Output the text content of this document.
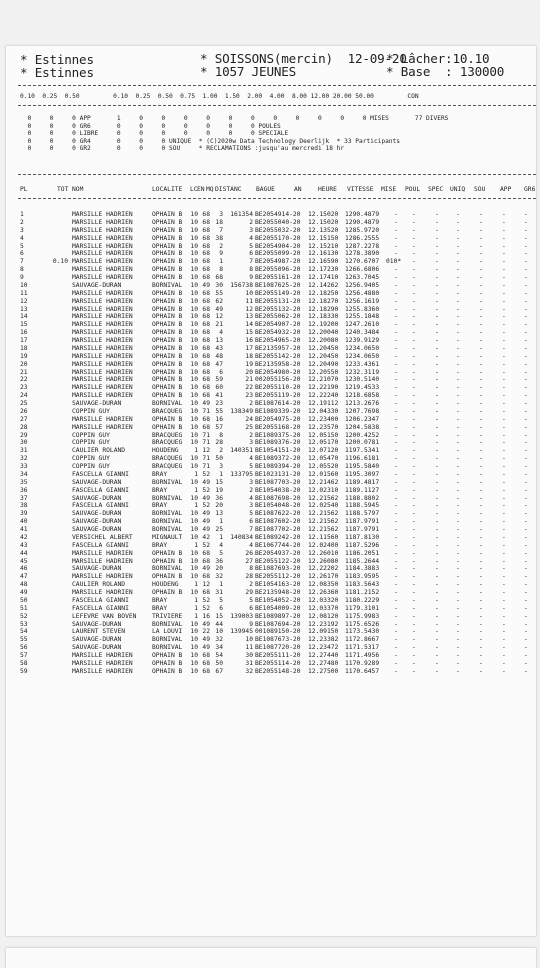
* Estinnes	* SOISSONS(mercin)  12-09-20
* Lâcher:10.10
* Estinnes	* 1057 JEUNES	* Base  : 130000
0.10  0.25  0.50         0.10  0.25  0.50  0.75  1.00  1.50  2.00  4.00  8.00 12.00 20.00 50.00         CON
0     0     0 APP       1     0     0     0     0     0     0     0     0     0     0     0 MISES       77 DIVERS
0     0     0 GR6       0     0     0     0     0     0     0 POULES
0     0     0 LIBRE     0     0     0     0     0     0     0 SPECIALE
0     0     0 GR4       0     0     0 UNIQUE  * (C)2020w Data Technology Deerlijk  * 33 Participants
0     0     0 GR2       0     0     0 SOU     * RECLAMATIONS :jusqu'au mercredi 18 hr
PL	TOT NOM	LOCALITE LC EN MQ DISTANC BAGUE	AN	HEURE VITESSE MISE POUL SPEC UNIQ SOU APP GR6
1	MARSILLE HADRIEN	OPHAIN B	10 68	3	161354 BE2054914-20	12.15020	1290.4879 - -	-	-	-	-	-
2	MARSILLE HADRIEN	OPHAIN B	10 68 18	2 BE2055040-20	12.15020	1290.4879 - -	-	-	-	-	-
3	MARSILLE HADRIEN	OPHAIN B	10 68	7	3 BE2055032-20	12.13520	1285.9720 - -	-	-	-	-	-
4	MARSILLE HADRIEN	OPHAIN B	10 68 38	4 BE2055170-20	12.15150	1286.2555 - -	-	-	-	-	-
5	MARSILLE HADRIEN	OPHAIN B	10 68	2	5 BE2054904-20	12.15210	1287.2278 - -	-	-	-	-	-
6	MARSILLE HADRIEN	OPHAIN B	10 68	9	6 BE2055099-20	12.16130	1278.3890 - -	-	-	-	-	-
7	0.10 MARSILLE HADRIEN	OPHAIN B	10 68	1	7 BE2054987-20	12.16590	1270.6707 010*	-	-	-	-	-	-
8	MARSILLE HADRIEN	OPHAIN B	10 68	8	8 BE2055096-20	12.17230	1266.6806 - -	-	-	-	-	-
9	MARSILLE HADRIEN	OPHAIN B	10 68 68	9 BE2055161-20	12.17410	1263.7045 - -	-	-	-	-	-
10	SAUVAGE-DURAN	BORNIVAL	10 49 30	156738 BE1087625-20	12.14262	1256.9405 - -	-	-	-	-	-
11	MARSILLE HADRIEN	OPHAIN B	10 68 55	10 BE2055149-20	12.18250	1256.4880 - -	-	-	-	-	-
12	MARSILLE HADRIEN	OPHAIN B	10 68 62	11 BE2055131-20	12.18270	1256.1619 - -	-	-	-	-	-
13	MARSILLE HADRIEN	OPHAIN B	10 68 49	12 BE2055132-20	12.18290	1255.8360 - -	-	-	-	-	-
14	MARSILLE HADRIEN	OPHAIN B	10 68 12	13 BE2055062-20	12.18330	1255.1848 - -	-	-	-	-	-
15	MARSILLE HADRIEN	OPHAIN B	10 68 21	14 BE2054907-20	12.19200	1247.2610 - -	-	-	-	-	-
16	MARSILLE HADRIEN	OPHAIN B	10 68	4	15 BE2054932-20	12.20040	1240.3484 - -	-	-	-	-	-
17	MARSILLE HADRIEN	OPHAIN B	10 68 13	16 BE2054965-20	12.20080	1239.9129 - -	-	-	-	-	-
18	MARSILLE HADRIEN	OPHAIN B	10 68 43	17 BE2135957-20	12.20450	1234.0650 - -	-	-	-	-	-
19	MARSILLE HADRIEN	OPHAIN B	10 68 48	18 BE2055142-20	12.20450	1234.0650 - -	-	-	-	-	-
20	MARSILLE HADRIEN	OPHAIN B	10 68 47	19 BE2135958-20	12.20490	1233.4361 - -	-	-	-	-	-
21	MARSILLE HADRIEN	OPHAIN B	10 68	6	20 BE2054980-20	12.20550	1232.3119 - -	-	-	-	-	-
22	MARSILLE HADRIEN	OPHAIN B	10 68 59	21 002055156-20	12.21070	1230.5140 - -	-	-	-	-	-
23	MARSILLE HADRIEN	OPHAIN B	10 68 60	22 BE2055110-20	12.22190	1219.4533 - -	-	-	-	-	-
24	MARSILLE HADRIEN	OPHAIN B	10 68 41	23 BE2055119-20	12.22240	1218.6858 - -	-	-	-	-	-
25	SAUVAGE-DURAN	BORNIVAL	10 49 23	2 BE1087614-20	12.19112	1213.2676 - -	-	-	-	-	-
26	COPPIN GUY	BRACQUEG	10 71 55	138349 BE1089339-20	12.04330	1207.7698 - -	-	-	-	-	-
27	MARSILLE HADRIEN	OPHAIN B	10 68 16	24 BE2054975-20	12.23400	1206.2347 - -	-	-	-	-	-
28	MARSILLE HADRIEN	OPHAIN B	10 68 57	25 BE2055168-20	12.23570	1204.5838 - -	-	-	-	-	-
29	COPPIN GUY	BRACQUEG	10 71	8	2 BE1089375-20	12.05150	1200.4252 - -	-	-	-	-	-
30	COPPIN GUY	BRACQUEG	10 71 28	3 BE1089376-20	12.05170	1200.0781 - -	-	-	-	-	-
31	CAULIER ROLAND	HOUDENG	1 12	2	140351 BE1054151-20	12.07120	1197.5341 - -	-	-	-	-	-
32	COPPIN GUY	BRACQUEG	10 71 50	4 BE1089372-20	12.05470	1196.6181 - -	-	-	-	-	-
33	COPPIN GUY	BRACQUEG	10 71	3	5 BE1089394-20	12.05520	1195.5840 - -	-	-	-	-	-
34	FASCELLA GIANNI	BRAY	1 52	1	133795 BE1023131-20	12.01560	1195.3097 - -	-	-	-	-	-
35	SAUVAGE-DURAN	BORNIVAL	10 49 15	3 BE1087703-20	12.21462	1189.4817 - -	-	-	-	-	-
36	FASCELLA GIANNI	BRAY	1 52 19	2 BE1054038-20	12.02310	1189.1127 - -	-	-	-	-	-
37	SAUVAGE-DURAN	BORNIVAL	10 49 36	4 BE1087698-20	12.21562	1188.8802 - -	-	-	-	-	-
38	FASCELLA GIANNI	BRAY	1 52 20	3 BE1054048-20	12.02540	1188.5945 - -	-	-	-	-	-
39	SAUVAGE-DURAN	BORNIVAL	10 49 13	5 BE1087622-20	12.21562	1188.5797 - -	-	-	-	-	-
40	SAUVAGE-DURAN	BORNIVAL	10 49	1	6 BE1087602-20	12.21562	1187.9791 - -	-	-	-	-	-
41	SAUVAGE-DURAN	BORNIVAL	10 49 25	7 BE1087702-20	12.21562	1187.9791 - -	-	-	-	-	-
42	VERSICHEL ALBERT	MIGNAULT	10 42	1	140834 BE1089242-20	12.11560	1187.8130 - -	-	-	-	-	-
43	FASCELLA GIANNI	BRAY	1 52	4	4 BE1067744-20	12.02400	1187.5296 - -	-	-	-	-	-
44	MARSILLE HADRIEN	OPHAIN B	10 68	5	26 BE2054937-20	12.26010	1186.2051 - -	-	-	-	-	-
45	MARSILLE HADRIEN	OPHAIN B	10 68 36	27 BE2055122-20	12.26080	1185.2644 - -	-	-	-	-	-
46	SAUVAGE-DURAN	BORNIVAL	10 49 20	8 BE1087693-20	12.22202	1184.3883 - -	-	-	-	-	-
47	MARSILLE HADRIEN	OPHAIN B	10 68 32	28 BE2055112-20	12.26170	1183.9595 - -	-	-	-	-	-
48	CAULIER ROLAND	HOUDENG	1 12	1	2 BE1054163-20	12.08350	1183.5643 - -	-	-	-	-	-
49	MARSILLE HADRIEN	OPHAIN B	10 68 31	29 BE2135948-20	12.26360	1181.2152 - -	-	-	-	-	-
50	FASCELLA GIANNI	BRAY	1 52	5	5 BE1054052-20	12.03320	1180.2229 - -	-	-	-	-	-
51	FASCELLA GIANNI	BRAY	1 52	6	6 BE1054009-20	12.03370	1179.3101 - -	-	-	-	-	-
52	LEFEVRE VAN BOVEN	TRIVIERE	1 16 15	139003 BE1089897-20	12.08120	1175.9983 - -	-	-	-	-	-
53	SAUVAGE-DURAN	BORNIVAL	10 49 44	9 BE1087694-20	12.23192	1175.6526 - -	-	-	-	-	-
54	LAURENT STEVEN	LA LOUVI	10 22 10	139945 001089150-20	12.09150	1173.5430 - -	-	-	-	-	-
55	SAUVAGE-DURAN	BORNIVAL	10 49 32	10 BE1087673-20	12.23382	1172.8667 - -	-	-	-	-	-
56	SAUVAGE-DURAN	BORNIVAL	10 49 34	11 BE1087720-20	12.23472	1171.5317 - -	-	-	-	-	-
57	MARSILLE HADRIEN	OPHAIN B	10 68 54	30 BE2055111-20	12.27440	1171.4956 - -	-	-	-	-	-
58	MARSILLE HADRIEN	OPHAIN B	10 68 50	31 BE2055114-20	12.27480	1170.9289 - -	-	-	-	-	-
59	MARSILLE HADRIEN	OPHAIN B	10 68 67	32 BE2055148-20	12.27500	1170.6457 - -	-	-	-	-	-
